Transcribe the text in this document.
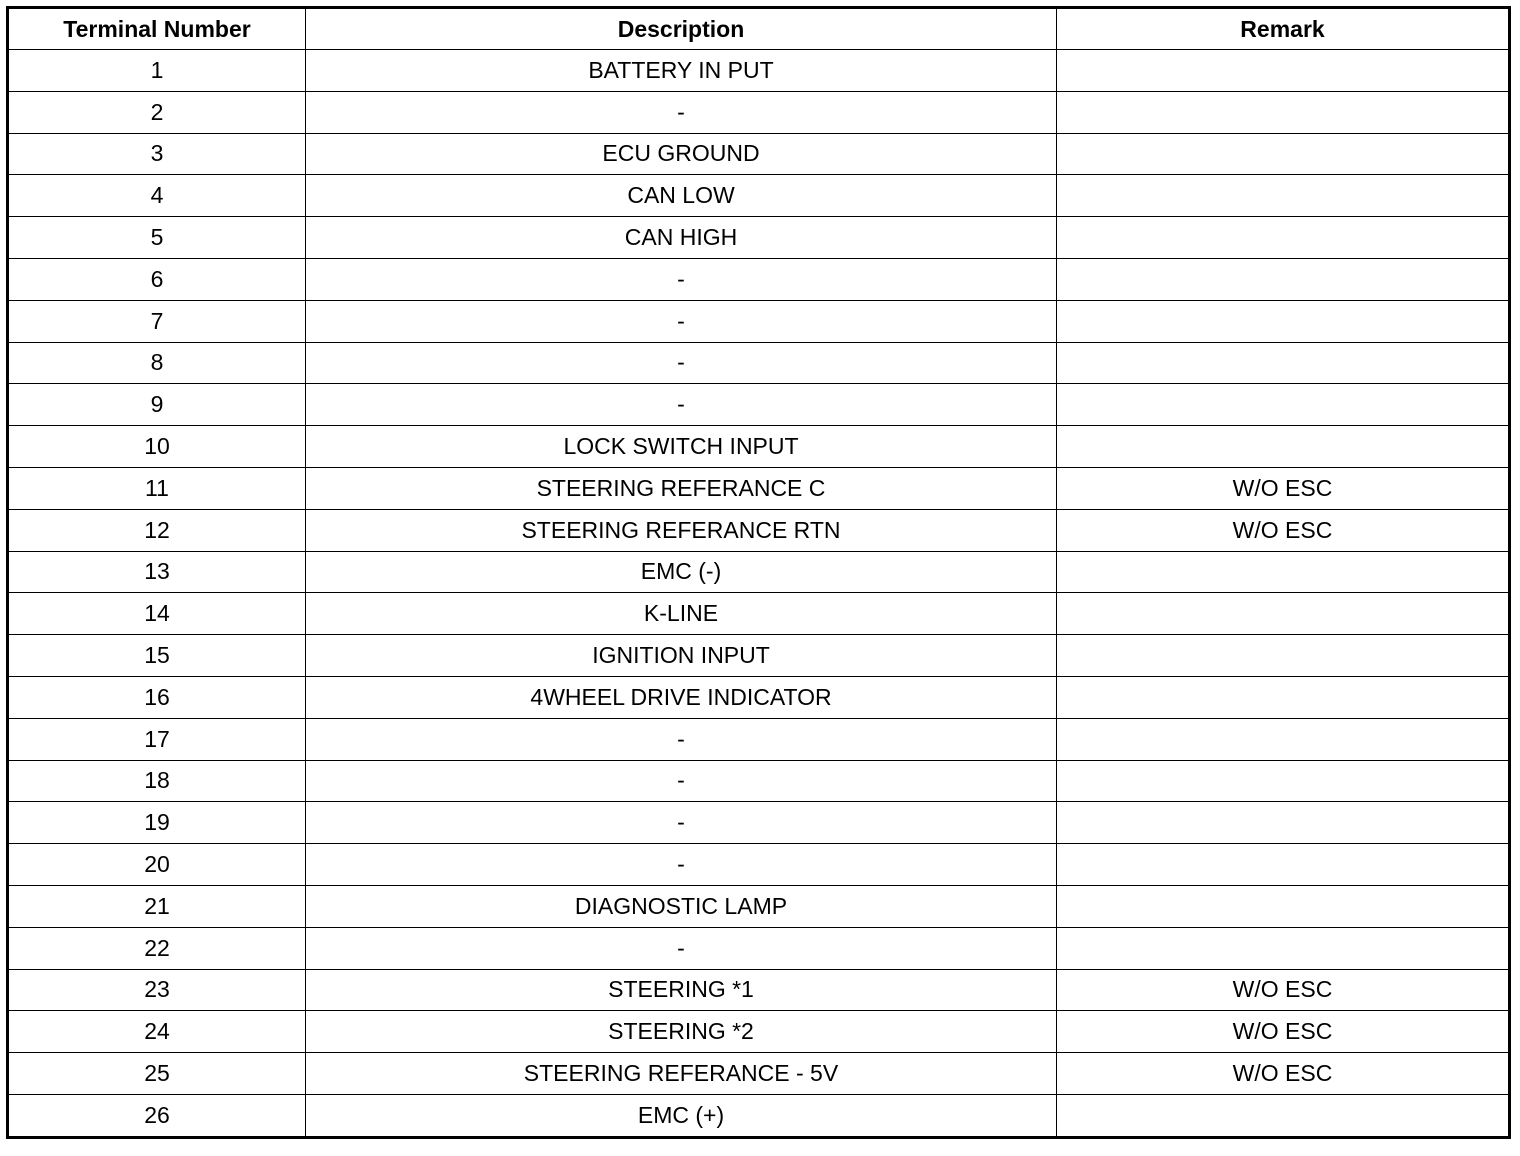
Terminal Number	Description	Remark
1	BATTERY IN PUT	
2	-	
3	ECU GROUND	
4	CAN LOW	
5	CAN HIGH	
6	-	
7	-	
8	-	
9	-	
10	LOCK SWITCH INPUT	
11	STEERING REFERANCE C	W/O ESC
12	STEERING REFERANCE RTN	W/O ESC
13	EMC (-)	
14	K-LINE	
15	IGNITION INPUT	
16	4WHEEL DRIVE INDICATOR	
17	-	
18	-	
19	-	
20	-	
21	DIAGNOSTIC LAMP	
22	-	
23	STEERING *1	W/O ESC
24	STEERING *2	W/O ESC
25	STEERING REFERANCE - 5V	W/O ESC
26	EMC (+)	
